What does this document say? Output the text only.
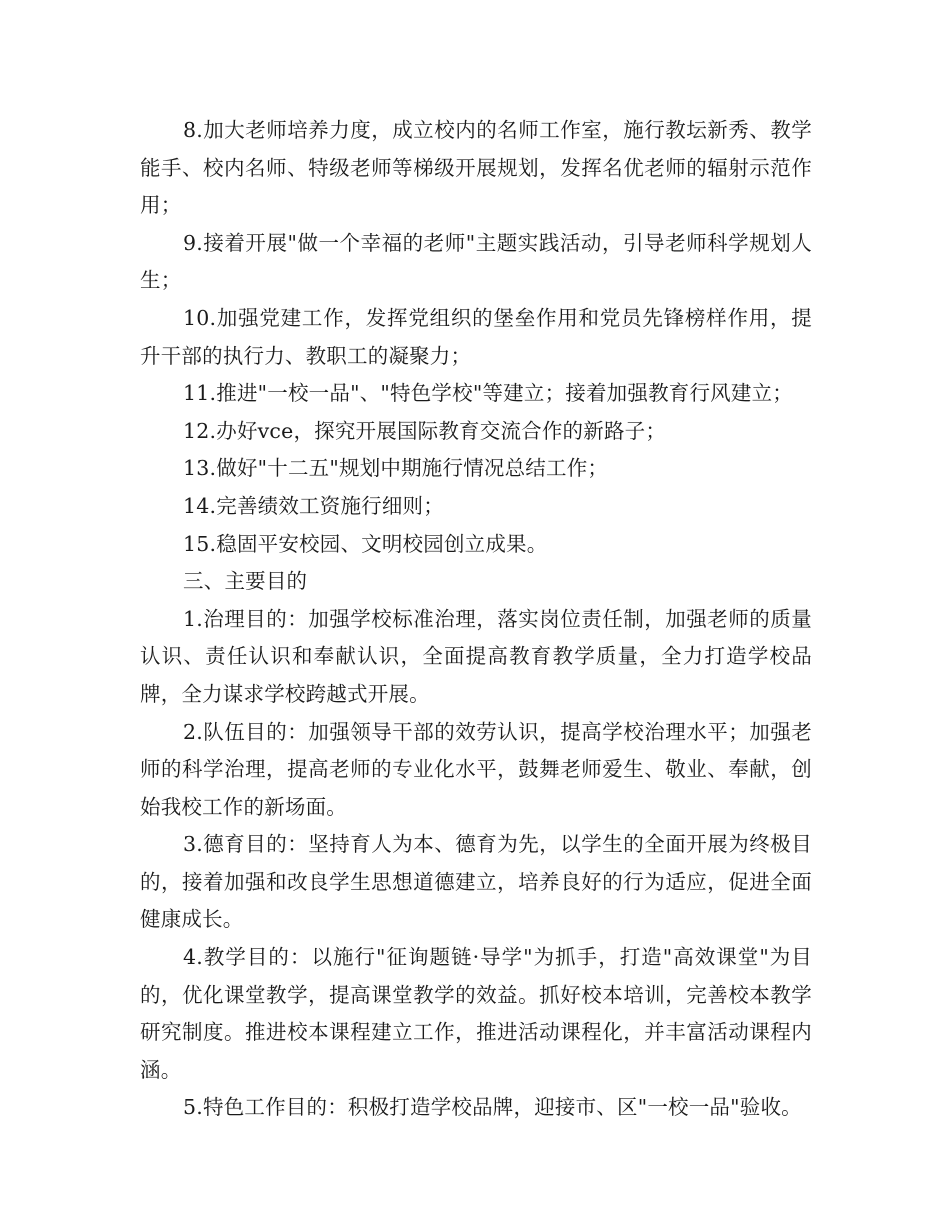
8.加大老师培养力度，成立校内的名师工作室，施行教坛新秀、教学能手、校内名师、特级老师等梯级开展规划，发挥名优老师的辐射示范作用；

9.接着开展"做一个幸福的老师"主题实践活动，引导老师科学规划人生；

10.加强党建工作，发挥党组织的堡垒作用和党员先锋榜样作用，提升干部的执行力、教职工的凝聚力；

11.推进"一校一品"、"特色学校"等建立；接着加强教育行风建立；

12.办好vce，探究开展国际教育交流合作的新路子；

13.做好"十二五"规划中期施行情况总结工作；

14.完善绩效工资施行细则；

15.稳固平安校园、文明校园创立成果。

三、主要目的

1.治理目的：加强学校标准治理，落实岗位责任制，加强老师的质量认识、责任认识和奉献认识，全面提高教育教学质量，全力打造学校品牌，全力谋求学校跨越式开展。

2.队伍目的：加强领导干部的效劳认识，提高学校治理水平；加强老师的科学治理，提高老师的专业化水平，鼓舞老师爱生、敬业、奉献，创始我校工作的新场面。

3.德育目的：坚持育人为本、德育为先，以学生的全面开展为终极目的，接着加强和改良学生思想道德建立，培养良好的行为适应，促进全面健康成长。

4.教学目的：以施行"征询题链·导学"为抓手，打造"高效课堂"为目的，优化课堂教学，提高课堂教学的效益。抓好校本培训，完善校本教学研究制度。推进校本课程建立工作，推进活动课程化，并丰富活动课程内涵。

5.特色工作目的：积极打造学校品牌，迎接市、区"一校一品"验收。
